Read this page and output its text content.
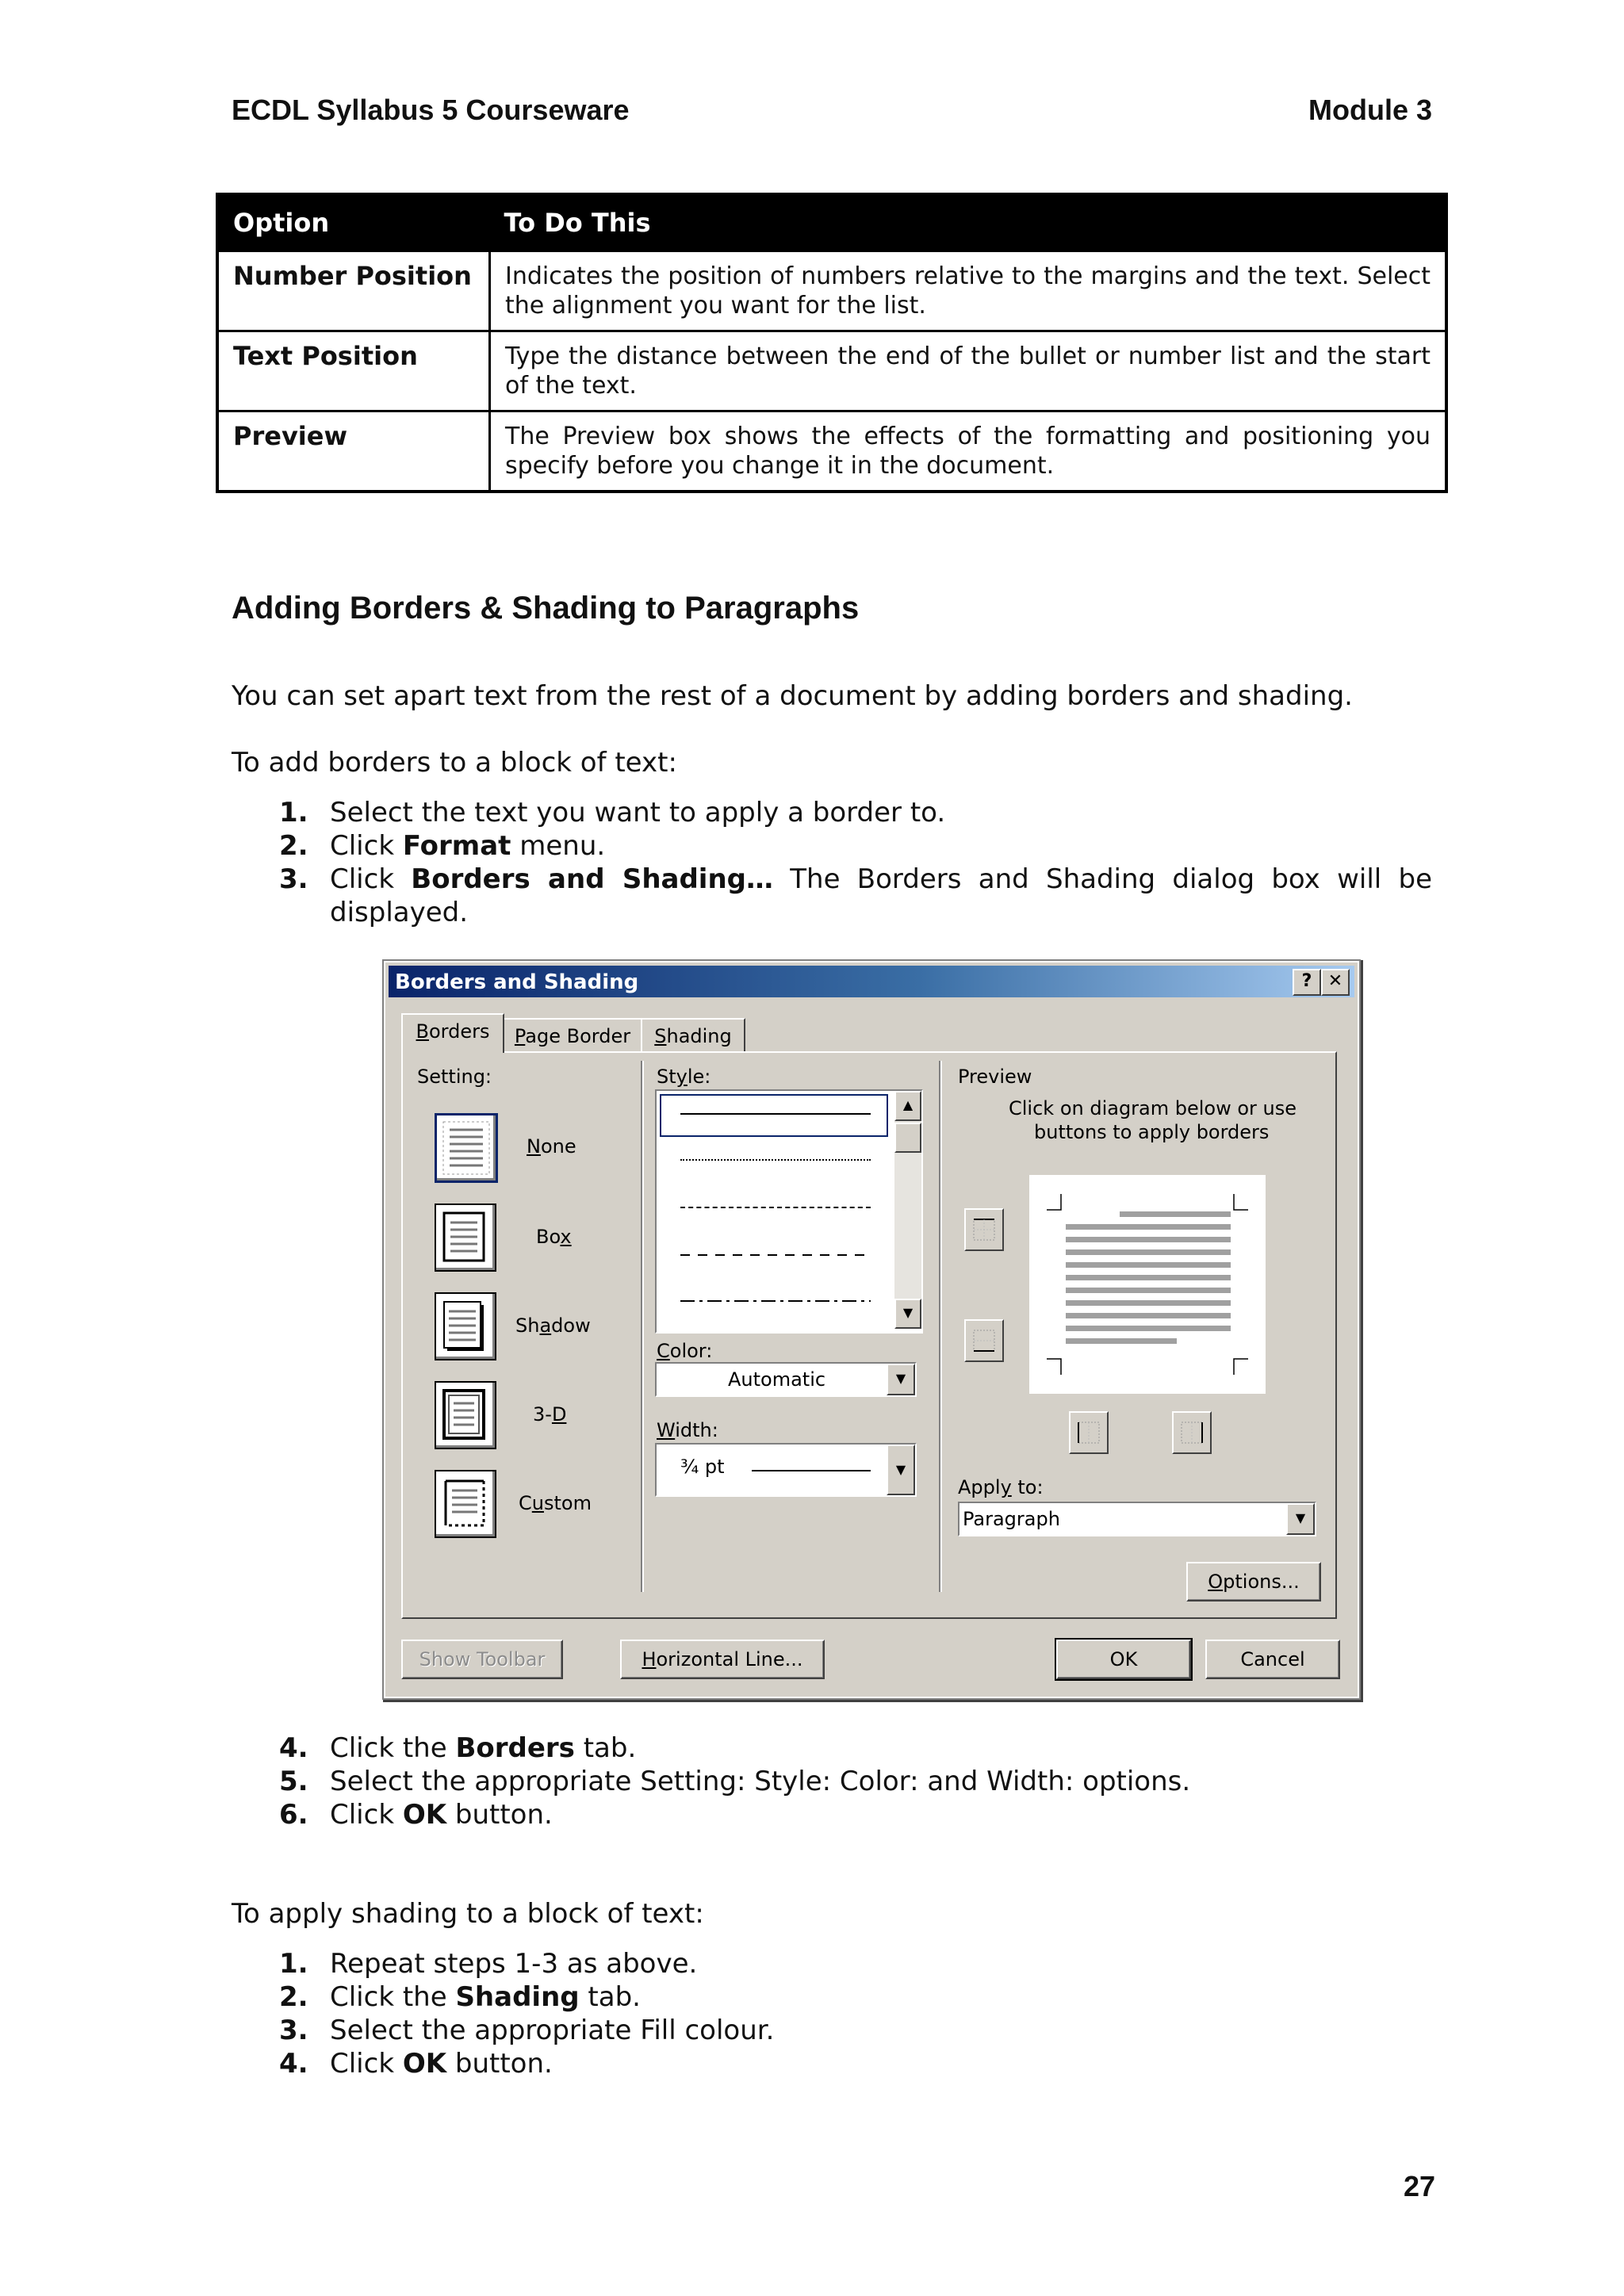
ECDL Syllabus 5 Courseware	Module 3
Option	To Do This
Number Position	Indicates the position of numbers relative to the margins and the text. Select the alignment you want for the list.
Text Position	Type the distance between the end of the bullet or number list and the start of the text.
Preview	The Preview box shows the effects of the formatting and positioning you specify before you change it in the document.
Adding Borders & Shading to Paragraphs
You can set apart text from the rest of a document by adding borders and shading.
To add borders to a block of text:
1. Select the text you want to apply a border to.
2. Click Format menu.
3. Click Borders and Shading… The Borders and Shading dialog box will be displayed.
Borders and Shading	? ✕
Borders	Page Border	Shading
Setting:
None
Box
Shadow
3-D
Custom
Style:
▲
▼
Color:
Automatic	▼
Width:
¾ pt	▼
Preview
Click on diagram below or use
buttons to apply borders
Apply to:
Paragraph	▼
Options...
Show Toolbar	Horizontal Line...	OK	Cancel
4. Click the Borders tab.
5. Select the appropriate Setting: Style: Color: and Width: options.
6. Click OK button.
To apply shading to a block of text:
1. Repeat steps 1-3 as above.
2. Click the Shading tab.
3. Select the appropriate Fill colour.
4. Click OK button.
27
